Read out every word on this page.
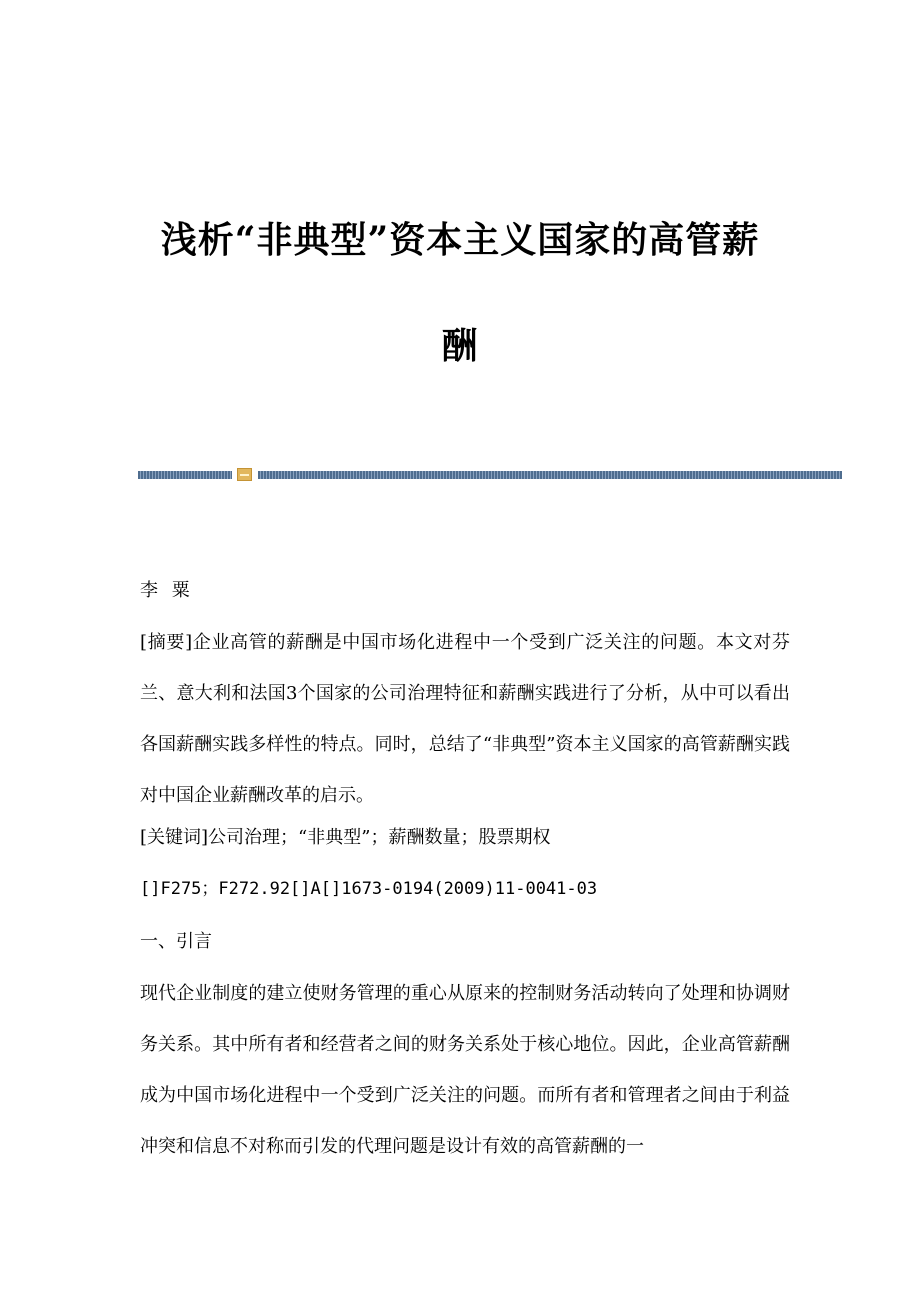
浅析“非典型”资本主义国家的高管薪
酬

李 粟

[摘要]企业高管的薪酬是中国市场化进程中一个受到广泛关注的问题。本文对芬兰、意大利和法国3个国家的公司治理特征和薪酬实践进行了分析，从中可以看出各国薪酬实践多样性的特点。同时，总结了“非典型”资本主义国家的高管薪酬实践对中国企业薪酬改革的启示。

[关键词]公司治理；“非典型”；薪酬数量；股票期权

[]F275；F272.92[]A[]1673-0194(2009)11-0041-03

一、引言

现代企业制度的建立使财务管理的重心从原来的控制财务活动转向了处理和协调财务关系。其中所有者和经营者之间的财务关系处于核心地位。因此，企业高管薪酬成为中国市场化进程中一个受到广泛关注的问题。而所有者和管理者之间由于利益冲突和信息不对称而引发的代理问题是设计有效的高管薪酬的一
